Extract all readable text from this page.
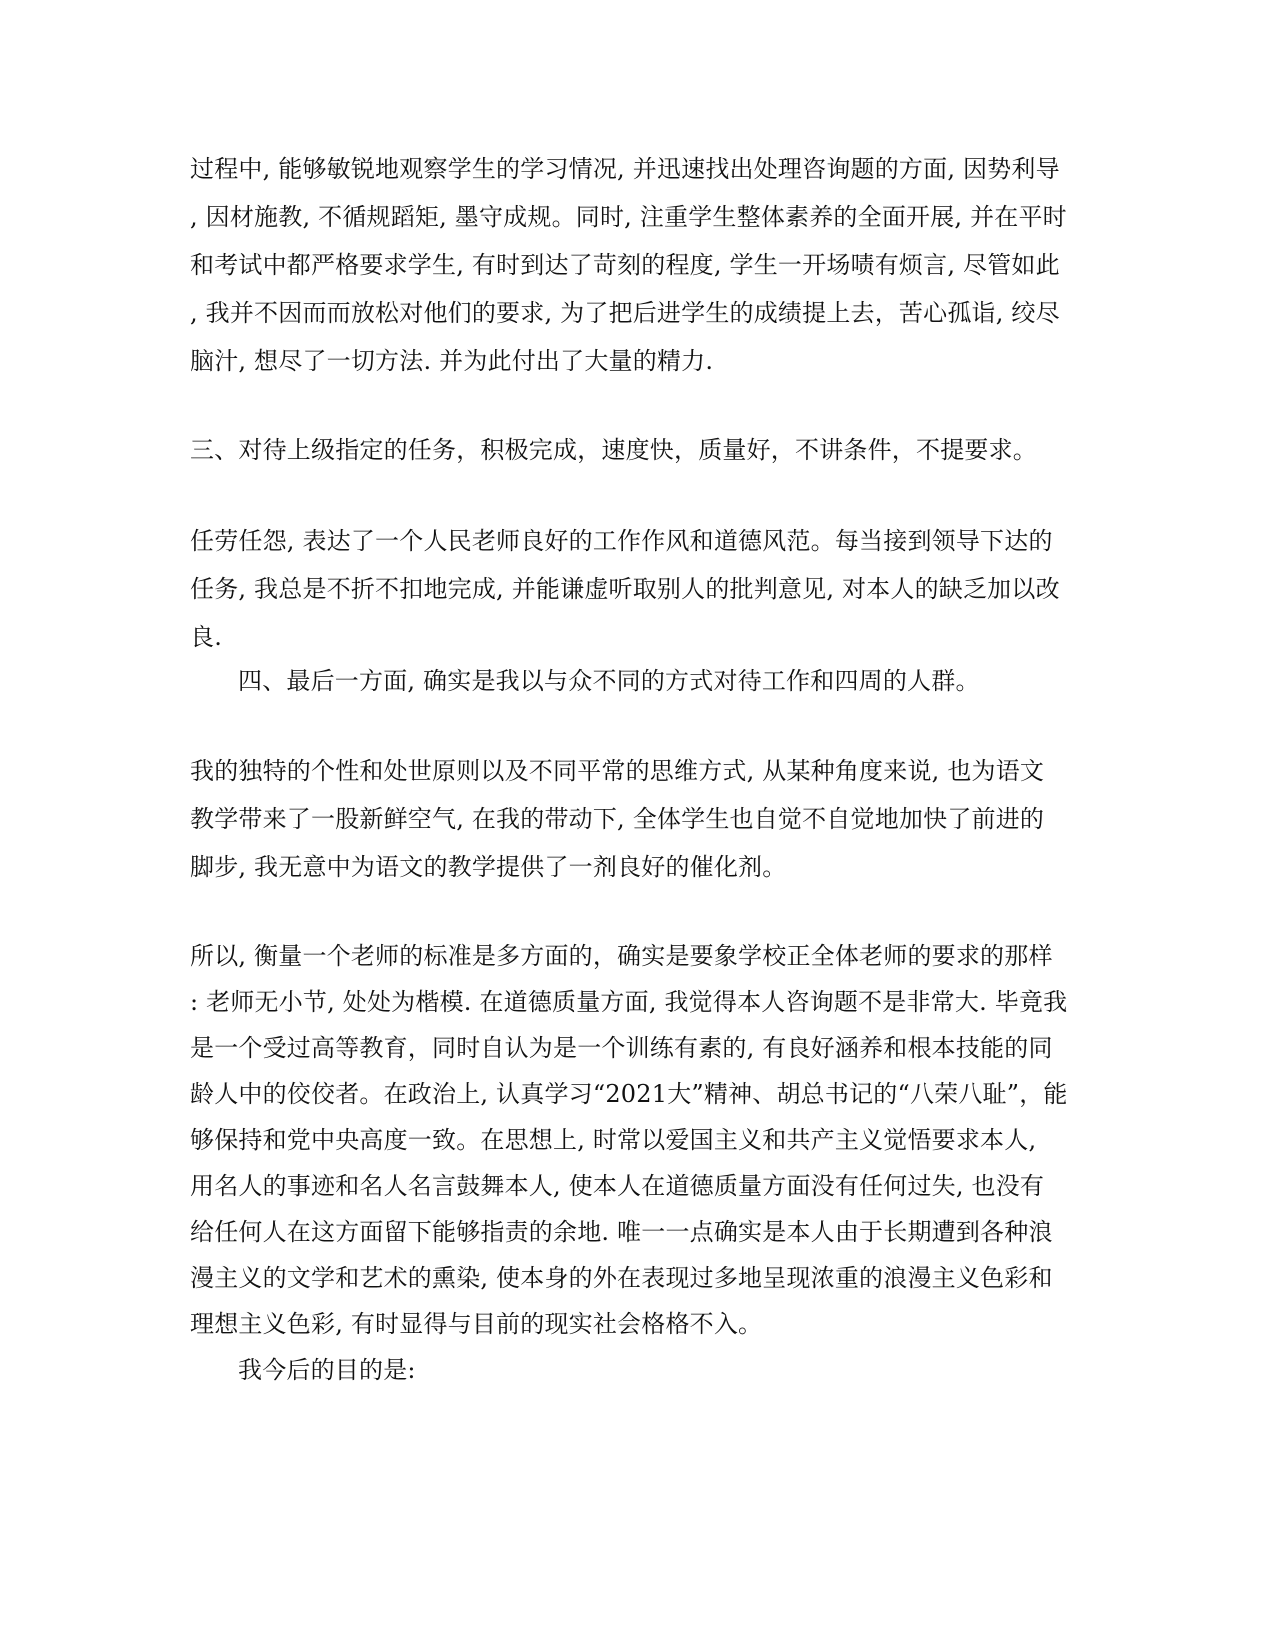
过程中, 能够敏锐地观察学生的学习情况, 并迅速找出处理咨询题的方面, 因势利导
, 因材施教, 不循规蹈矩, 墨守成规。同时, 注重学生整体素养的全面开展, 并在平时
和考试中都严格要求学生, 有时到达了苛刻的程度, 学生一开场啧有烦言, 尽管如此
, 我并不因而而放松对他们的要求, 为了把后进学生的成绩提上去，苦心孤诣, 绞尽
脑汁, 想尽了一切方法. 并为此付出了大量的精力.
三、对待上级指定的任务，积极完成，速度快，质量好，不讲条件，不提要求。
任劳任怨, 表达了一个人民老师良好的工作作风和道德风范。每当接到领导下达的
任务, 我总是不折不扣地完成, 并能谦虚听取别人的批判意见, 对本人的缺乏加以改
良.
四、最后一方面, 确实是我以与众不同的方式对待工作和四周的人群。
我的独特的个性和处世原则以及不同平常的思维方式, 从某种角度来说, 也为语文
教学带来了一股新鲜空气, 在我的带动下, 全体学生也自觉不自觉地加快了前进的
脚步, 我无意中为语文的教学提供了一剂良好的催化剂。
所以, 衡量一个老师的标准是多方面的，确实是要象学校正全体老师的要求的那样
: 老师无小节, 处处为楷模. 在道德质量方面, 我觉得本人咨询题不是非常大. 毕竟我
是一个受过高等教育，同时自认为是一个训练有素的, 有良好涵养和根本技能的同
龄人中的佼佼者。在政治上, 认真学习“2021大”精神、胡总书记的“八荣八耻”，能
够保持和党中央高度一致。在思想上, 时常以爱国主义和共产主义觉悟要求本人,
用名人的事迹和名人名言鼓舞本人, 使本人在道德质量方面没有任何过失, 也没有
给任何人在这方面留下能够指责的余地. 唯一一点确实是本人由于长期遭到各种浪
漫主义的文学和艺术的熏染, 使本身的外在表现过多地呈现浓重的浪漫主义色彩和
理想主义色彩, 有时显得与目前的现实社会格格不入。
我今后的目的是:
